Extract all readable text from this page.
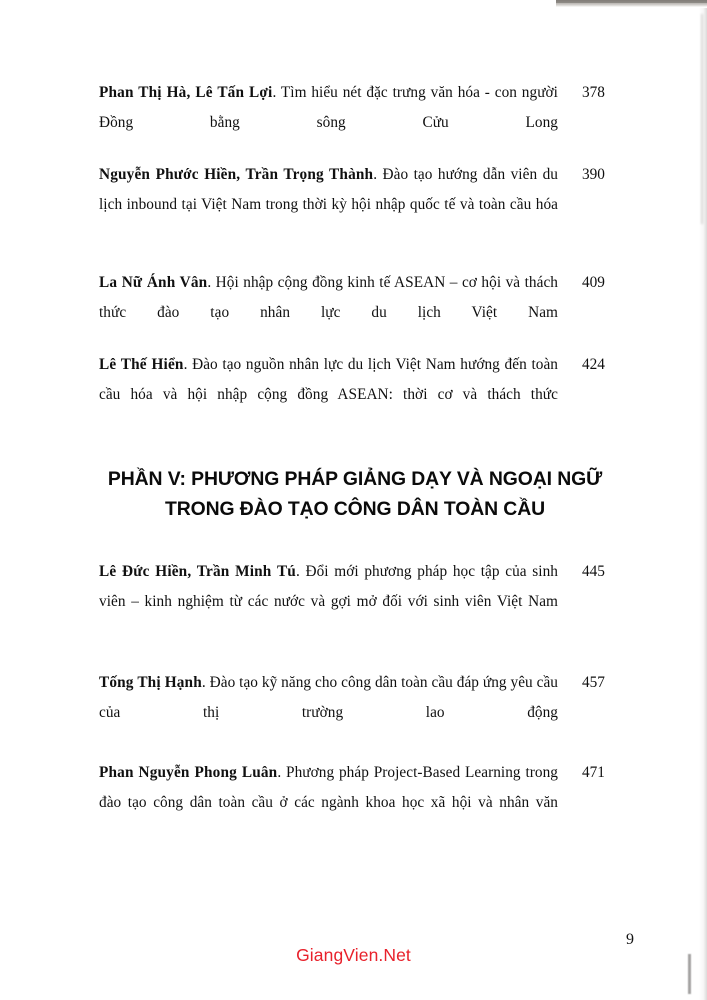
Phan Thị Hà, Lê Tấn Lợi. Tìm hiểu nét đặc trưng văn hóa - con người Đồng bằng sông Cửu Long
378
Nguyễn Phước Hiền, Trần Trọng Thành. Đào tạo hướng dẫn viên du lịch inbound tại Việt Nam trong thời kỳ hội nhập quốc tế và toàn cầu hóa
390
La Nữ Ánh Vân. Hội nhập cộng đồng kinh tế ASEAN – cơ hội và thách thức đào tạo nhân lực du lịch Việt Nam
409
Lê Thế Hiển. Đào tạo nguồn nhân lực du lịch Việt Nam hướng đến toàn cầu hóa và hội nhập cộng đồng ASEAN: thời cơ và thách thức
424
PHẦN V: PHƯƠNG PHÁP GIẢNG DẠY VÀ NGOẠI NGỮ
TRONG ĐÀO TẠO CÔNG DÂN TOÀN CẦU
Lê Đức Hiền, Trần Minh Tú. Đổi mới phương pháp học tập của sinh viên – kinh nghiệm từ các nước và gợi mở đối với sinh viên Việt Nam
445
Tống Thị Hạnh. Đào tạo kỹ năng cho công dân toàn cầu đáp ứng yêu cầu của thị trường lao động
457
Phan Nguyễn Phong Luân. Phương pháp Project-Based Learning trong đào tạo công dân toàn cầu ở các ngành khoa học xã hội và nhân văn
471
GiangVien.Net
9
